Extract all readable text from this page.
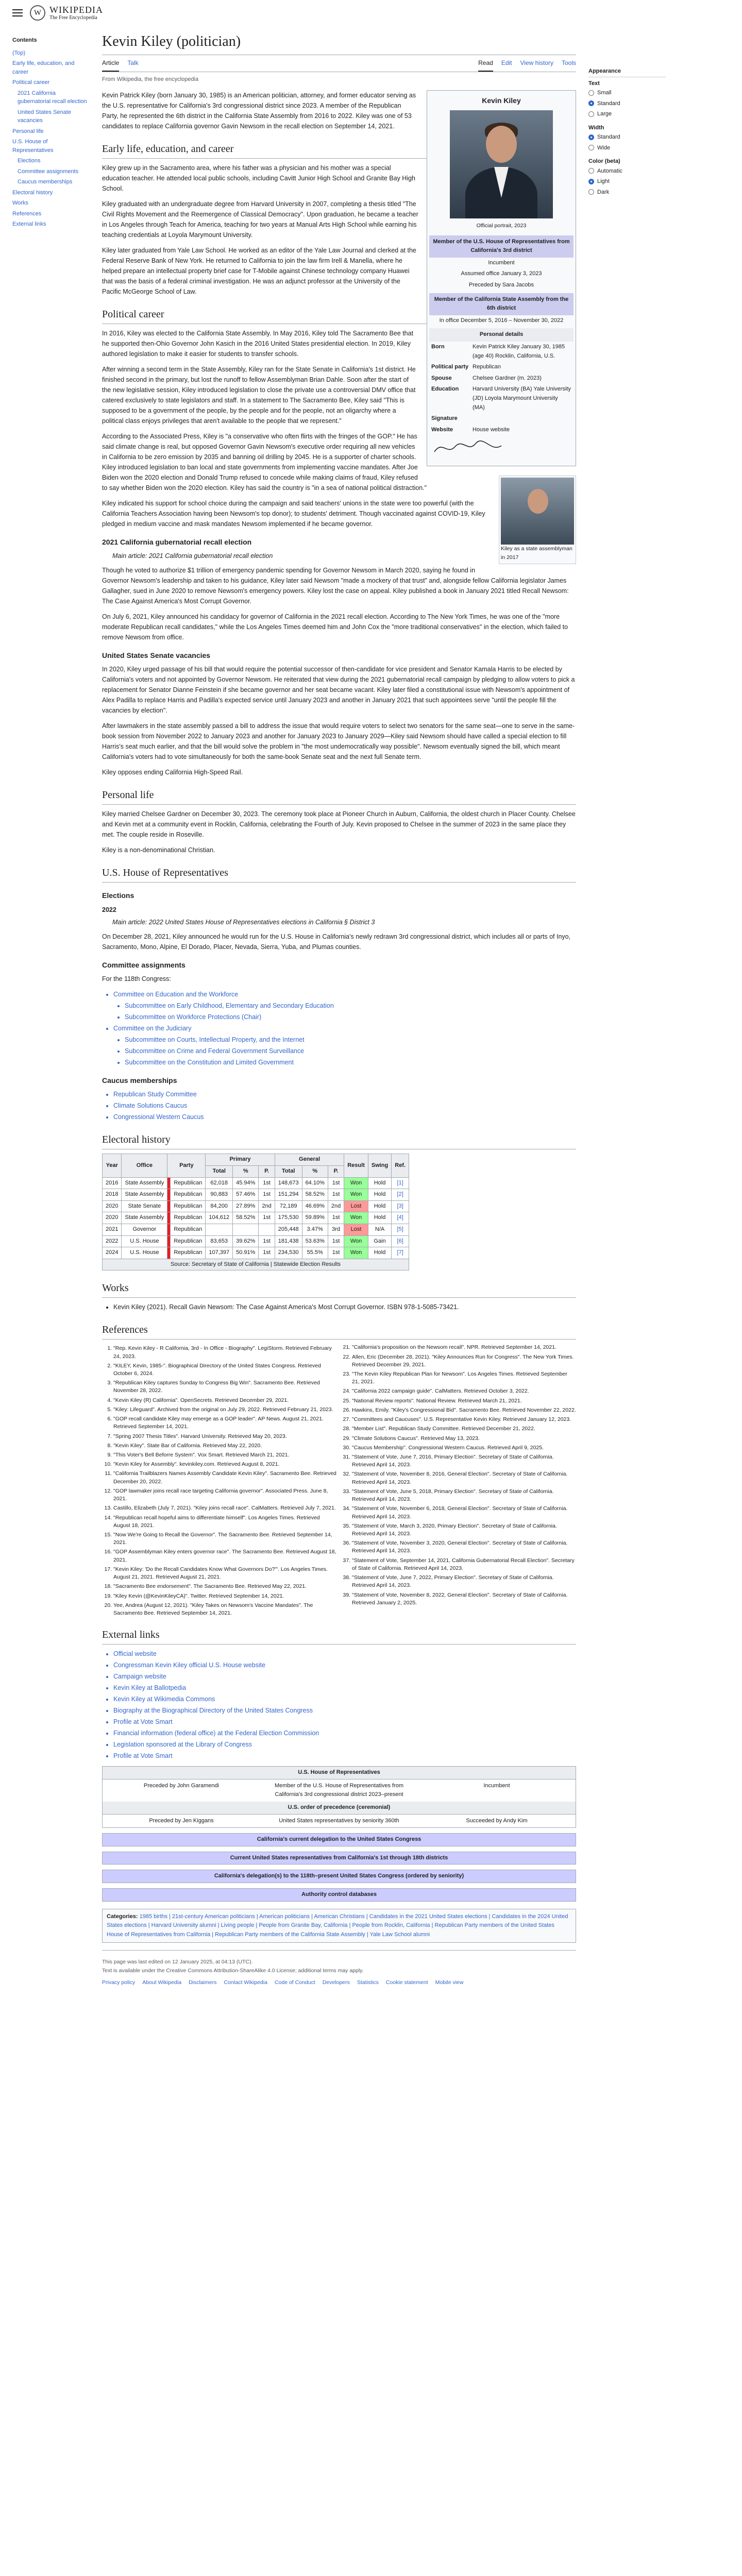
W WIKIPEDIA
The Free Encyclopedia
Contents
(Top)
Early life, education, and career
Political career
2021 California gubernatorial recall election
United States Senate vacancies
Personal life
U.S. House of Representatives
Elections
Committee assignments
Caucus memberships
Electoral history
Works
References
External links
Kevin Kiley (politician)
Article Talk	Read Edit View history Tools
From Wikipedia, the free encyclopedia
Kevin Kiley
Official portrait, 2023
Member of the U.S. House of Representatives from California's 3rd district
Incumbent
Assumed office January 3, 2023
Preceded by Sara Jacobs
Member of the California State Assembly from the 6th district
In office December 5, 2016 – November 30, 2022
Personal details
Born	Kevin Patrick Kiley January 30, 1985 (age 40) Rocklin, California, U.S.
Political party Republican
Spouse	Chelsee Gardner (m. 2023)
Education	Harvard University (BA) Yale University (JD) Loyola Marymount University (MA)
Signature
Website	House website

Kevin Patrick Kiley (born January 30, 1985) is an American politician, attorney, and former educator serving as the U.S. representative for California's 3rd congressional district since 2023. A member of the Republican Party, he represented the 6th district in the California State Assembly from 2016 to 2022. Kiley was one of 53 candidates to replace California governor Gavin Newsom in the recall election on September 14, 2021.

Early life, education, and career

Kiley grew up in the Sacramento area, where his father was a physician and his mother was a special education teacher. He attended local public schools, including Cavitt Junior High School and Granite Bay High School.

Kiley graduated with an undergraduate degree from Harvard University in 2007, completing a thesis titled "The Civil Rights Movement and the Reemergence of Classical Democracy". Upon graduation, he became a teacher in Los Angeles through Teach for America, teaching for two years at Manual Arts High School while earning his teaching credentials at Loyola Marymount University.

Kiley later graduated from Yale Law School. He worked as an editor of the Yale Law Journal and clerked at the Federal Reserve Bank of New York. He returned to California to join the law firm Irell & Manella, where he helped prepare an intellectual property brief case for T-Mobile against Chinese technology company Huawei that was the basis of a federal criminal investigation. He was an adjunct professor at the University of the Pacific McGeorge School of Law.

Political career
Kiley as a state assemblyman in 2017

In 2016, Kiley was elected to the California State Assembly. In May 2016, Kiley told The Sacramento Bee that he supported then-Ohio Governor John Kasich in the 2016 United States presidential election. In 2019, Kiley authored legislation to make it easier for students to transfer schools.

After winning a second term in the State Assembly, Kiley ran for the State Senate in California's 1st district. He finished second in the primary, but lost the runoff to fellow Assemblyman Brian Dahle. Soon after the start of the new legislative session, Kiley introduced legislation to close the private use a controversial DMV office that catered exclusively to state legislators and staff. In a statement to The Sacramento Bee, Kiley said "This is supposed to be a government of the people, by the people and for the people, not an oligarchy where a political class enjoys privileges that aren't available to the people that we represent."

According to the Associated Press, Kiley is "a conservative who often flirts with the fringes of the GOP." He has said climate change is real, but opposed Governor Gavin Newsom's executive order requiring all new vehicles in California to be zero emission by 2035 and banning oil drilling by 2045. He is a supporter of charter schools. Kiley introduced legislation to ban local and state governments from implementing vaccine mandates. After Joe Biden won the 2020 election and Donald Trump refused to concede while making claims of fraud, Kiley refused to say whether Biden won the 2020 election. Kiley has said the country is "in a sea of national political distraction."

Kiley indicated his support for school choice during the campaign and said teachers' unions in the state were too powerful (with the California Teachers Association having been Newsom's top donor); to students' detriment. Though vaccinated against COVID-19, Kiley pledged in medium vaccine and mask mandates Newsom implemented if he became governor.

2021 California gubernatorial recall election
Main article: 2021 California gubernatorial recall election

Though he voted to authorize $1 trillion of emergency pandemic spending for Governor Newsom in March 2020, saying he found in Governor Newsom's leadership and taken to his guidance, Kiley later said Newsom "made a mockery of that trust" and, alongside fellow California legislator James Gallagher, sued in June 2020 to remove Newsom's emergency powers. Kiley lost the case on appeal. Kiley published a book in January 2021 titled Recall Newsom: The Case Against America's Most Corrupt Governor.

On July 6, 2021, Kiley announced his candidacy for governor of California in the 2021 recall election. According to The New York Times, he was one of the "more moderate Republican recall candidates," while the Los Angeles Times deemed him and John Cox the "more traditional conservatives" in the election, which failed to remove Newsom from office.

United States Senate vacancies

In 2020, Kiley urged passage of his bill that would require the potential successor of then-candidate for vice president and Senator Kamala Harris to be elected by California's voters and not appointed by Governor Newsom. He reiterated that view during the 2021 gubernatorial recall campaign by pledging to allow voters to pick a replacement for Senator Dianne Feinstein if she became governor and her seat became vacant. Kiley later filed a constitutional issue with Newsom's appointment of Alex Padilla to replace Harris and Padilla's expected service until January 2023 and another in January 2021 that such appointees serve "until the people fill the vacancies by election".

After lawmakers in the state assembly passed a bill to address the issue that would require voters to select two senators for the same seat—one to serve in the same-book session from November 2022 to January 2023 and another for January 2023 to January 2029—Kiley said Newsom should have called a special election to fill Harris's seat much earlier, and that the bill would solve the problem in "the most undemocratically way possible". Newsom eventually signed the bill, which meant California's voters had to vote simultaneously for both the same-book Senate seat and the next full Senate term.

Kiley opposes ending California High-Speed Rail.

Personal life

Kiley married Chelsee Gardner on December 30, 2023. The ceremony took place at Pioneer Church in Auburn, California, the oldest church in Placer County. Chelsee and Kevin met at a community event in Rocklin, California, celebrating the Fourth of July. Kevin proposed to Chelsee in the summer of 2023 in the same place they met. The couple reside in Roseville.

Kiley is a non-denominational Christian.

U.S. House of Representatives
Elections
2022
Main article: 2022 United States House of Representatives elections in California § District 3

On December 28, 2021, Kiley announced he would run for the U.S. House in California's newly redrawn 3rd congressional district, which includes all or parts of Inyo, Sacramento, Mono, Alpine, El Dorado, Placer, Nevada, Sierra, Yuba, and Plumas counties.

Committee assignments

For the 118th Congress:

• Committee on Education and the Workforce
• Subcommittee on Early Childhood, Elementary and Secondary Education
• Subcommittee on Workforce Protections (Chair)
• Committee on the Judiciary
• Subcommittee on Courts, Intellectual Property, and the Internet
• Subcommittee on Crime and Federal Government Surveillance
• Subcommittee on the Constitution and Limited Government
Caucus memberships
• Republican Study Committee
• Climate Solutions Caucus
• Congressional Western Caucus
Electoral history
Year	Office	Party		Primary			General			Result	Swing	Ref.
				Total	%	P.	Total	%	P.			
2016	State Assembly		Republican	62,018	45.94%	1st	148,673	64.10%	1st	Won	Hold	[1]
2018	State Assembly		Republican	90,883	57.46%	1st	151,294	58.52%	1st	Won	Hold	[2]
2020	State Senate		Republican	84,200	27.89%	2nd	72,189	46.69%	2nd	Lost	Hold	[3]
2020	State Assembly		Republican	104,612	58.52%	1st	175,530	59.89%	1st	Won	Hold	[4]
2021	Governor		Republican				205,448	3.47%	3rd	Lost	N/A	[5]
2022	U.S. House		Republican	83,653	39.62%	1st	181,438	53.63%	1st	Won	Gain	[6]
2024	U.S. House		Republican	107,397	50.91%	1st	234,530	55.5%	1st	Won	Hold	[7]
Source: Secretary of State of California | Statewide Election Results												
Works
• Kevin Kiley (2021). Recall Gavin Newsom: The Case Against America's Most Corrupt Governor. ISBN 978-1-5085-73421.
References
1. "Rep. Kevin Kiley - R California, 3rd - In Office - Biography". LegiStorm. Retrieved February 24, 2023.
2. "KILEY, Kevin, 1985-". Biographical Directory of the United States Congress. Retrieved October 6, 2024.
3. "Republican Kiley captures Sunday to Congress Big Win". Sacramento Bee. Retrieved November 28, 2022.
4. "Kevin Kiley (R) California". OpenSecrets. Retrieved December 29, 2021.
5. "Kiley: Lifeguard". Archived from the original on July 29, 2022. Retrieved February 21, 2023.
6. "GOP recall candidate Kiley may emerge as a GOP leader". AP News. August 21, 2021. Retrieved September 14, 2021.
7. "Spring 2007 Thesis Titles". Harvard University. Retrieved May 20, 2023.
8. "Kevin Kiley". State Bar of California. Retrieved May 22, 2020.
9. "This Voter's Bell Beforre System". Vox Smart. Retrieved March 21, 2021.
10. "Kevin Kiley for Assembly". kevinkiley.com. Retrieved August 8, 2021.
11. "California Trailblazers Names Assembly Candidate Kevin Kiley". Sacramento Bee. Retrieved December 20, 2022.
12. "GOP lawmaker joins recall race targeting California governor". Associated Press. June 8, 2021.
13. Castillo, Elizabeth (July 7, 2021). "Kiley joins recall race". CalMatters. Retrieved July 7, 2021.
14. "Republican recall hopeful aims to differentiate himself". Los Angeles Times. Retrieved August 18, 2021.
15. "Now We're Going to Recall the Governor". The Sacramento Bee. Retrieved September 14, 2021.
16. "GOP Assemblyman Kiley enters governor race". The Sacramento Bee. Retrieved August 18, 2021.
17. "Kevin Kiley: 'Do the Recall Candidates Know What Governors Do?'". Los Angeles Times. August 21, 2021. Retrieved August 21, 2021.
18. "Sacramento Bee endorsement". The Sacramento Bee. Retrieved May 22, 2021.
19. "Kiley Kevin (@KevinKileyCA)". Twitter. Retrieved September 14, 2021.
20. Yee, Andrea (August 12, 2021). "Kiley Takes on Newsom's Vaccine Mandates". The Sacramento Bee. Retrieved September 14, 2021.
21. "California's proposition on the Newsom recall". NPR. Retrieved September 14, 2021.
22. Allen, Eric (December 28, 2021). "Kiley Announces Run for Congress". The New York Times. Retrieved December 29, 2021.
23. "The Kevin Kiley Republican Plan for Newsom". Los Angeles Times. Retrieved September 21, 2021.
24. "California 2022 campaign guide". CalMatters. Retrieved October 3, 2022.
25. "National Review reports". National Review. Retrieved March 21, 2021.
26. Hawkins, Emily. "Kiley's Congressional Bid". Sacramento Bee. Retrieved November 22, 2022.
27. "Committees and Caucuses". U.S. Representative Kevin Kiley. Retrieved January 12, 2023.
28. "Member List". Republican Study Committee. Retrieved December 21, 2022.
29. "Climate Solutions Caucus". Retrieved May 13, 2023.
30. "Caucus Membership". Congressional Western Caucus. Retrieved April 9, 2025.
31. "Statement of Vote, June 7, 2016, Primary Election". Secretary of State of California. Retrieved April 14, 2023.
32. "Statement of Vote, November 8, 2016, General Election". Secretary of State of California. Retrieved April 14, 2023.
33. "Statement of Vote, June 5, 2018, Primary Election". Secretary of State of California. Retrieved April 14, 2023.
34. "Statement of Vote, November 6, 2018, General Election". Secretary of State of California. Retrieved April 14, 2023.
35. "Statement of Vote, March 3, 2020, Primary Election". Secretary of State of California. Retrieved April 14, 2023.
36. "Statement of Vote, November 3, 2020, General Election". Secretary of State of California. Retrieved April 14, 2023.
37. "Statement of Vote, September 14, 2021, California Gubernatorial Recall Election". Secretary of State of California. Retrieved April 14, 2023.
38. "Statement of Vote, June 7, 2022, Primary Election". Secretary of State of California. Retrieved April 14, 2023.
39. "Statement of Vote, November 8, 2022, General Election". Secretary of State of California. Retrieved January 2, 2025.
External links
• Official website
• Congressman Kevin Kiley official U.S. House website
• Campaign website
• Kevin Kiley at Ballotpedia
• Kevin Kiley at Wikimedia Commons
• Biography at the Biographical Directory of the United States Congress
• Profile at Vote Smart
• Financial information (federal office) at the Federal Election Commission
• Legislation sponsored at the Library of Congress
• Profile at Vote Smart
U.S. House of Representatives
Preceded by John Garamendi	Member of the U.S. House of Representatives from California's 3rd congressional district 2023–present
Incumbent
U.S. order of precedence (ceremonial)
Preceded by Jen Kiggans	United States representatives by seniority 360th	Succeeded by Andy Kim
California's current delegation to the United States Congress
Current United States representatives from California's 1st through 18th districts
California's delegation(s) to the 118th–present United States Congress (ordered by seniority)
Authority control databases
Categories: 1985 births | 21st-century American politicians | American politicians | American Christians | Candidates in the 2021 United States elections | Candidates in the 2024 United States elections | Harvard University alumni | Living people | People from Granite Bay, California | People from Rocklin, California | Republican Party members of the United States House of Representatives from California | Republican Party members of the California State Assembly | Yale Law School alumni
This page was last edited on 12 January 2025, at 04:13 (UTC).
Text is available under the Creative Commons Attribution-ShareAlike 4.0 License; additional terms may apply.
Privacy policy About Wikipedia Disclaimers Contact Wikipedia Code of Conduct Developers Statistics Cookie statement Mobile view
Appearance
Text
Small
Standard
Large
Width
Standard
Wide
Color (beta)
Automatic
Light
Dark
